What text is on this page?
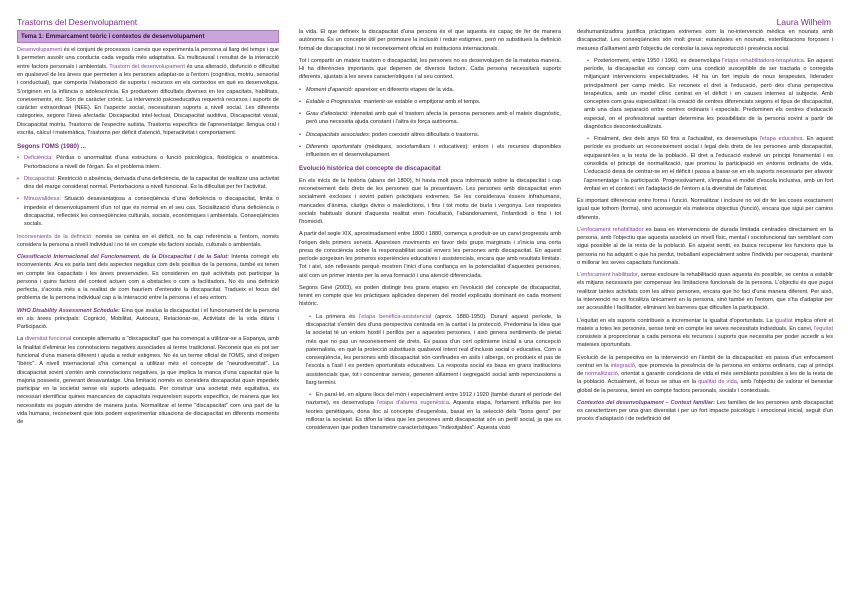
Trastorns del Desenvolupament	Laura Wilhelm
Tema 1: Emmarcament teòric i contextos de desenvolupament

Desenvolupament és el conjunt de processos i canvis que experimenta la persona al llarg del temps i que li permeten assolir una conducta cada vegada més adaptativa. És multicausal i resultat de la interacció entre factors personals i ambientals. Trastorn del desenvolupament és una alteració, disfunció o dificultat en qualsevol de les àrees que permeten a les persones adaptar-se a l'entorn (cognitiva, motriu, sensorial i conductual), que comporta l'elaboració de suports i recursos en els contextos en què es desenvolupa. S'originen en la infància o adolescència. Es produeixen dificultats diverses en les capacitats, habilitats, coneixements, etc. Són de caràcter crònic. La intervenció psicoeducativa requerirà recursos i suports de caràcter extraordinari (NEE). En l'aspecte social, necessitaran suports a nivell social. Les diferents categories, segons l'àrea afectada: Discapacitat intel·lectual, Discapacitat auditiva, Discapacitat visual, Discapacitat motriu, Trastorns de l'espectre autista, Trastorns específics de l'aprenentatge: llengua oral i escrita, càlcul i matemàtica, Trastorns per dèficit d'atenció, hiperactivitat i comportament.

Segons l'OMS (1980) ...

• Deficiència: Pèrdua o anormalitat d'una estructura o funció psicològica, fisiològica o anatòmica. Pertorbacions a nivell de l'òrgan. És el problema intern.

• Discapacitat: Restricció o absència, derivada d'una deficiència, de la capacitat de realitzar una activitat dins del marge considerat normal. Pertorbacions a nivell funcional. És la dificultat per fer l'activitat.

• Minusvalidesa: Situació desavantatjosa a conseqüència d'una deficiència o discapacitat, limita o impedeix el desenvolupament d'un rol que és normal en el seu cas. Socialització d'una deficiència o discapacitat, reflecteix les conseqüències culturals, socials, econòmiques i ambientals. Conseqüències socials.

Inconvenients de la definició: només se centra en el dèficit, no fa cap referència a l'entorn, només considera la persona a nivell individual i no té en compte els factors socials, culturals o ambientals.

Classificació Internacional del Funcionament, de la Discapacitat i de la Salut: Intenta corregir els inconvenients. Ara es parla tant dels aspectes negatius com dels positius de la persona, també es tenen en compte les capacitats i les àrees preservades. Es consideren en què activitats pot participar la persona i quins factors del context actuen com a obstacles o com a facilitadors. No és una definició perfecta, s'acosta més a la realitat de com hauríem d'entendre la discapacitat. Tradueix el focus del problema de la persona individual cap a la interacció entre la persona i el seu entorn.

WHO Disability Assessment Schedule: Eina que avalua la discapacitat i el funcionament de la persona en sis àrees principals: Cognició, Mobilitat, Autocura, Relacionar-se, Activitats de la vida diària i Participació.

La diversitat funcional concepte alternatiu a "discapacitat" que ha començat a utilitzar-se a Espanya, amb la finalitat d'eliminar les connotacions negatives associades al terme tradicional. Reconeix que es pot ser funcional d'una manera diferent i ajuda a reduir estigmes. No és un terme oficial de l'OMS, sinó d'origen "ibèric". A nivell internacional s'ha començat a utilitzar més el concepte de "neurodiversitat". La discapacitat sovint s'entén amb connotacions negatives, ja que implica la manca d'una capacitat que la majoria posseeix, generant desavantatge. Una limitació només es considera discapacitat quan impedeix participar en la societat sense els suports adequats. Per construir una societat més equitativa, es necessari identificar quines mancances de capacitats requereixen suports específics, de manera que les necessitats es puguin atendre de manera justa. Normalitzar el terme "discapacitat" com una part de la vida humana, reconeixent que tots podem experimentar situacions de discapacitat en diferents moments de

la vida. El que defineix la discapacitat d'una persona és el que aquesta és capaç de fer de manera autònoma. És un concepte útil per promoure la inclusió i reduir estigmes, però no substitueix la definició formal de discapacitat i no té reconeixement oficial en institucions internacionals.

Tot i compartir un mateix trastorn o discapacitat, les persones no es desenvolupen de la mateixa manera. Hi ha diferències importants que depenen de diversos factors. Cada persona necessitarà suports diferents, ajustats a les seves característiques i al seu context.

• Moment d'aparició: apareixer en diferents etapes de la vida.

• Estable o Progressiva: mantenir-se estable o empitjorar amb el temps.

• Grau d'afectació: intensitat amb què el trastorn afecta la persona persones amb el mateix diagnòstic, però una necessita ajuda constant i l'altra és força autònoma.

• Discapacitats associades: poden coexistir altres dificultats o trastorns.

• Diferents oportunitats (mèdiques, sociofamiliars i educatives): entorn i els recursos disponibles influeixen en el desenvolupament.

Evolució històrica del concepte de discapacitat

En els inicis de la història (abans del 1800), hi havia molt poca informació sobre la discapacitat i cap reconeixement dels drets de les persones que la presentaven. Les persones amb discapacitat eren socialment excloses i sovint patien pràctiques extremes. Se les considerava éssers infrahumans, mancades d'ànima, càstigs divins o maledictions, i fins i tot motiu de burla i vergonya. Les respostes socials habituals durant d'aquesta realitat eren l'ocultació, l'abandonament, l'infanticidi o fins i tot l'homicidi.

A partir del segle XIX, aproximadament entre 1800 i 1880, comença a produir-se un canvi progressiu amb l'origen dels primers serveis. Apareixen moviments en favor dels grups marginats i s'inicia una certa presa de consciència sobre la responsabilitat social envers les persones amb discapacitat. En aquest període sorgeixen les primeres experiències educatives i assistencials, encara que amb resultats limitats. Tot i així, són rellevants perquè mostren l'inici d'una confiança en la potencialitat d'aquestes persones, així com un primer interès per la seva formació i una atenció diferenciada.

Segons Giné (2003), es poden distingir tres grans etapes en l'evolució del concepte de discapacitat, tenint en compte que les pràctiques aplicades depenen del model explicatiu dominant en cada moment històric.

• La primera és l'etapa benèfica-assistencial (aprox. 1880-1950). Durant aquest període, la discapacitat s'entén des d'una perspectiva centrada en la caritat i la protecció. Predomina la idea que la societat té un entorn hostil i perillós per a aquestes persones, i això genera sentiments de pietat més que no pas un reconeixement de drets. Es passa d'un cert optimisme inicial a una concepció paternalista, en què la protecció substitueix qualsevol intent real d'inclusió social o educativa. Com a conseqüència, les persones amb discapacitat són confinades en asils i albergs, on produeix el pas de l'escola a l'asil i es perden oportunitats educatives. La resposta social es basa en grans institucions assistencials que, tot i concentrar serveis, generen aïllament i segregació social amb repercussions a llarg termini.

• En paral·lel, en alguns llocs del món i especialment entre 1912 i 1920 (també durant el període del nazisme), es desenvolupa l'etapa d'alarma eugenèsica. Aquesta etapa, fortament influïda per les teories genètiques, dona lloc al concepte d'eugenèsia, basat en la selecció dels "bons gens" per millorar la societat. Es difon la idea que les persones amb discapacitat són un perill social, ja que es consideraven que podien transmetre característiques "indesitjables". Aquesta visió

deshumanitzadora justifica pràctiques extremes com la no-intervenció mèdica en nounats amb discapacitat. Les conseqüències són molt greus: eutanàsies en nounats, esterilitzacions forçoses i mesures d'aïllament amb l'objectiu de controlar la seva reproducció i presència social.

• Posteriorment, entre 1950 i 1960, es desenvolupa l'etapa rehabilitadora-terapèutica. En aquest període, la discapacitat es concep com una condició susceptible de ser tractada o corregida mitjançant intervencions especialitzades. Hi ha un fort impuls de nous terapeutes, liderades principalment per camp mèdic. Es reconeix el dret a l'educació, però des d'una perspectiva terapèutica, amb un model clínic centrat en el dèficit i en causes internes al subjecte. Amb conceptes com grau especialitzat i la creació de centres diferenciats segons el tipus de discapacitat, amb una clara separació entre centres ordinaris i especials. Predominen els centres d'educació especial, on el professional sanitari determina les possibilitats de la persona sovint a partir de diagnòstics descontextualitzats.

• Finalment, des dels anys 60 fins a l'actualitat, es desenvolupa l'etapa educativa. En aquest període es produeix un reconeixement social i legal dels drets de les persones amb discapacitat, equiparant-les a la resta de la població. El dret a l'educació esdevé un principi fonamental i es consolida el principi de normalització, que promou la participació en entorns ordinaris de vida. L'educació deixa de centrar-se en el dèficit i passa a basar-se en els suports necessaris per afavorir l'aprenentatge i la participació. Progressivament, s'impulsa el model d'escola inclusiva, amb un fort èmfasi en el context i en l'adaptació de l'entorn a la diversitat de l'alumnat.

És important diferenciar entre forma i funció. Normalitzar i incloure no vol dir fer les coses exactament igual que tothom (forma), sinó aconseguir els mateixos objectius (funció), encara que sigui per camins diferents.

L'enfocament rehabilitador es basa en intervencions de durada limitada centrades directament en la persona, amb l'objectiu que aquesta assoleixi un nivell físic, mental i sociofuncional tan semblant com sigui possible al de la resta de la població. En aquest sentit, es busca recuperar les funcions que la persona no ha adquirit o que ha perdut, treballant especialment sobre l'individu per recuperar, mantenir o millorar les seves capacitats funcionals.

L'enfocament habilitador, sense excloure la rehabilitació quan aquesta és possible, se centra a establir els mitjans necessaris per compensar les limitacions funcionals de la persona. L'objectiu és que pugui realitzar tantes activitats com les altres persones, encara que ho faci d'una manera diferent. Per això, la intervenció no es focalitza únicament en la persona, sinó també en l'entorn, que s'ha d'adaptar per ser accessible i facilitador, eliminant les barreres que dificulten la participació.

L'equitat en els suports contribueix a incrementar la igualtat d'oportunitats. La igualtat implica oferir el mateix a totes les persones, sense tenir en compte les seves necessitats individuals. En canvi, l'equitat consisteix a proporcionar a cada persona els recursos i suports que necessita per poder accedir a les mateixes oportunitats.

Evolució de la perspectiva en la intervenció en l'àmbit de la discapacitat: es passa d'un enfocament centrat en la integració, que promovia la presència de la persona en entorns ordinaris, cap al principi de normalització, orientat a garantir condicions de vida el més semblants possibles a les de la resta de la població. Actualment, el focus se situa en la qualitat de vida, amb l'objectiu de valorar el benestar global de la persona, tenint en compte factors personals, socials i contextuals.

Contextos del desenvolupament – Context familiar: Les famílies de les persones amb discapacitat es caracteritzen per una gran diversitat i per un fort impacte psicològic i emocional inicial, seguit d'un procés d'adaptació i de redefinició del
